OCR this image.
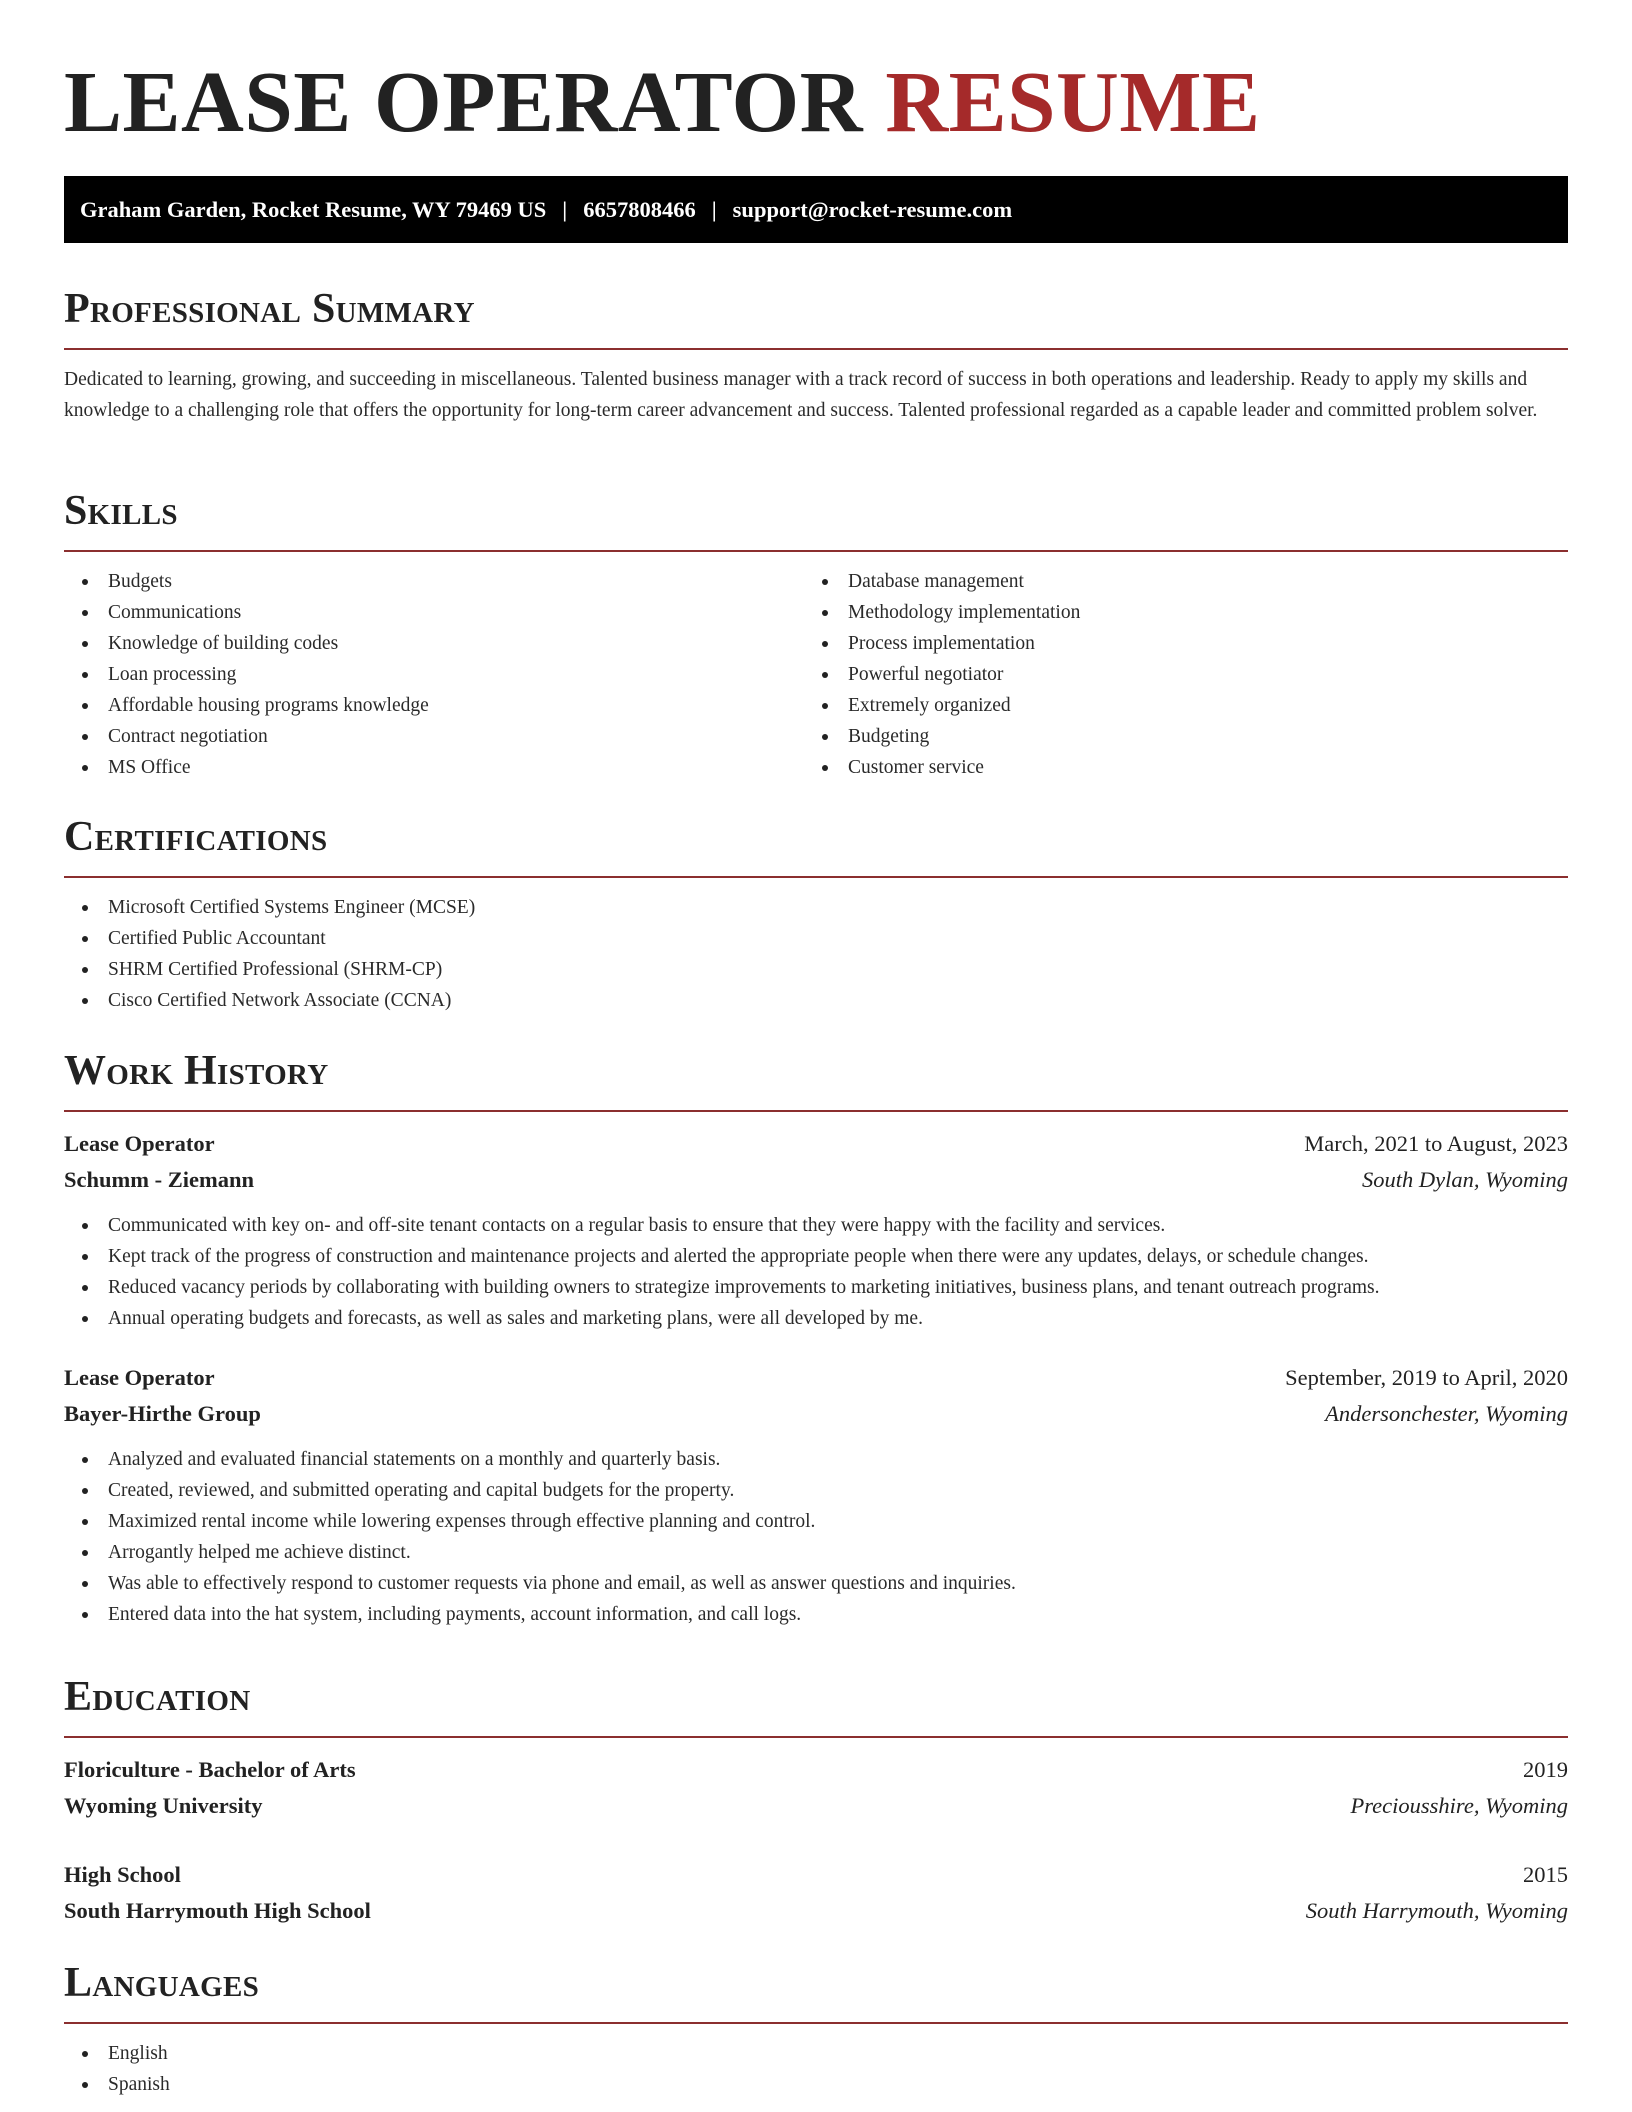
LEASE OPERATOR RESUME
Graham Garden, Rocket Resume, WY 79469 US | 6657808466 | support@rocket-resume.com
Professional Summary

Dedicated to learning, growing, and succeeding in miscellaneous. Talented business manager with a track record of success in both operations and leadership. Ready to apply my skills and knowledge to a challenging role that offers the opportunity for long-term career advancement and success. Talented professional regarded as a capable leader and committed problem solver.

Skills
Budgets
Communications
Knowledge of building codes
Loan processing
Affordable housing programs knowledge
Contract negotiation
MS Office
Database management
Methodology implementation
Process implementation
Powerful negotiator
Extremely organized
Budgeting
Customer service
Certifications
Microsoft Certified Systems Engineer (MCSE)
Certified Public Accountant
SHRM Certified Professional (SHRM-CP)
Cisco Certified Network Associate (CCNA)
Work History
Lease Operator	March, 2021 to August, 2023
Schumm - Ziemann	South Dylan, Wyoming
Communicated with key on- and off-site tenant contacts on a regular basis to ensure that they were happy with the facility and services.
Kept track of the progress of construction and maintenance projects and alerted the appropriate people when there were any updates, delays, or schedule changes.
Reduced vacancy periods by collaborating with building owners to strategize improvements to marketing initiatives, business plans, and tenant outreach programs.
Annual operating budgets and forecasts, as well as sales and marketing plans, were all developed by me.
Lease Operator	September, 2019 to April, 2020
Bayer-Hirthe Group	Andersonchester, Wyoming
Analyzed and evaluated financial statements on a monthly and quarterly basis.
Created, reviewed, and submitted operating and capital budgets for the property.
Maximized rental income while lowering expenses through effective planning and control.
Arrogantly helped me achieve distinct.
Was able to effectively respond to customer requests via phone and email, as well as answer questions and inquiries.
Entered data into the hat system, including payments, account information, and call logs.
Education
Floriculture - Bachelor of Arts	2019
Wyoming University	Preciousshire, Wyoming
High School	2015
South Harrymouth High School	South Harrymouth, Wyoming
Languages
English
Spanish
